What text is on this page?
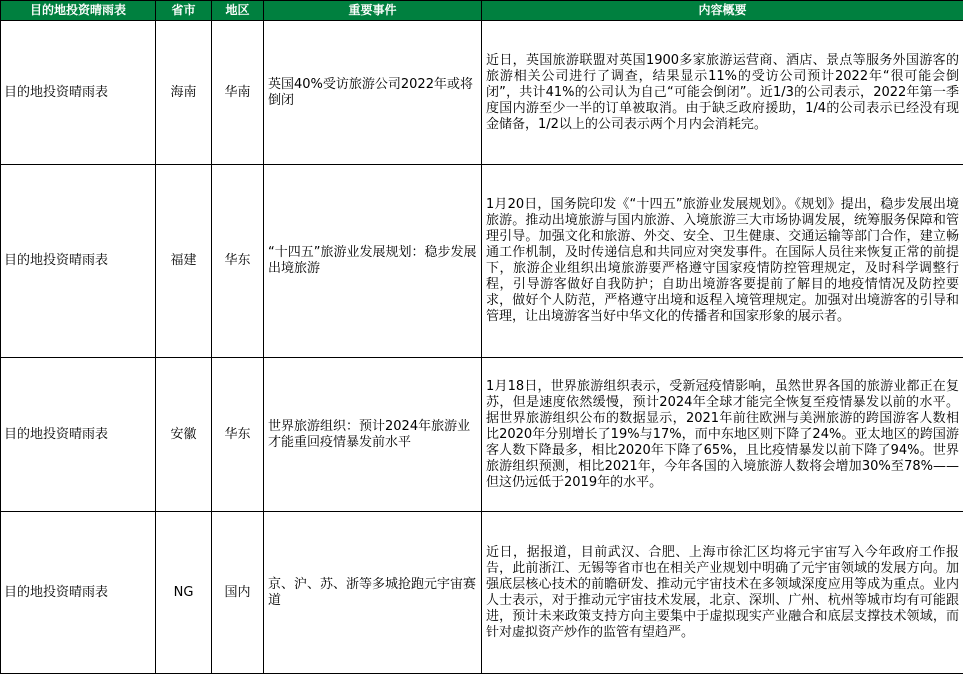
目的地投资晴雨表	省市	地区	重要事件	内容概要
目的地投资晴雨表	海南	华南	英国40%受访旅游公司2022年或将倒闭	近日，英国旅游联盟对英国1900多家旅游运营商、酒店、景点等服务外国游客的旅游相关公司进行了调查，结果显示11%的受访公司预计2022年“很可能会倒闭”，共计41%的公司认为自己“可能会倒闭”。近1/3的公司表示，2022年第一季度国内游至少一半的订单被取消。由于缺乏政府援助，1/4的公司表示已经没有现金储备，1/2以上的公司表示两个月内会消耗完。
目的地投资晴雨表	福建	华东	“十四五”旅游业发展规划：稳步发展出境旅游	1月20日，国务院印发《“十四五”旅游业发展规划》。《规划》提出，稳步发展出境旅游。推动出境旅游与国内旅游、入境旅游三大市场协调发展，统筹服务保障和管理引导。加强文化和旅游、外交、安全、卫生健康、交通运输等部门合作，建立畅通工作机制，及时传递信息和共同应对突发事件。在国际人员往来恢复正常的前提下，旅游企业组织出境旅游要严格遵守国家疫情防控管理规定，及时科学调整行程，引导游客做好自我防护；自助出境游客要提前了解目的地疫情情况及防控要求，做好个人防范，严格遵守出境和返程入境管理规定。加强对出境游客的引导和管理，让出境游客当好中华文化的传播者和国家形象的展示者。
目的地投资晴雨表	安徽	华东	世界旅游组织：预计2024年旅游业才能重回疫情暴发前水平	1月18日，世界旅游组织表示，受新冠疫情影响，虽然世界各国的旅游业都正在复苏，但是速度依然缓慢，预计2024年全球才能完全恢复至疫情暴发以前的水平。据世界旅游组织公布的数据显示，2021年前往欧洲与美洲旅游的跨国游客人数相比2020年分别增长了19%与17%，而中东地区则下降了24%。亚太地区的跨国游客人数下降最多，相比2020年下降了65%，且比疫情暴发以前下降了94%。世界旅游组织预测，相比2021年，今年各国的入境旅游人数将会增加30%至78%——但这仍远低于2019年的水平。
目的地投资晴雨表	NG	国内	京、沪、苏、浙等多城抢跑元宇宙赛道	近日，据报道，目前武汉、合肥、上海市徐汇区均将元宇宙写入今年政府工作报告，此前浙江、无锡等省市也在相关产业规划中明确了元宇宙领域的发展方向。加强底层核心技术的前瞻研发、推动元宇宙技术在多领域深度应用等成为重点。业内人士表示，对于推动元宇宙技术发展，北京、深圳、广州、杭州等城市均有可能跟进，预计未来政策支持方向主要集中于虚拟现实产业融合和底层支撑技术领域，而针对虚拟资产炒作的监管有望趋严。
